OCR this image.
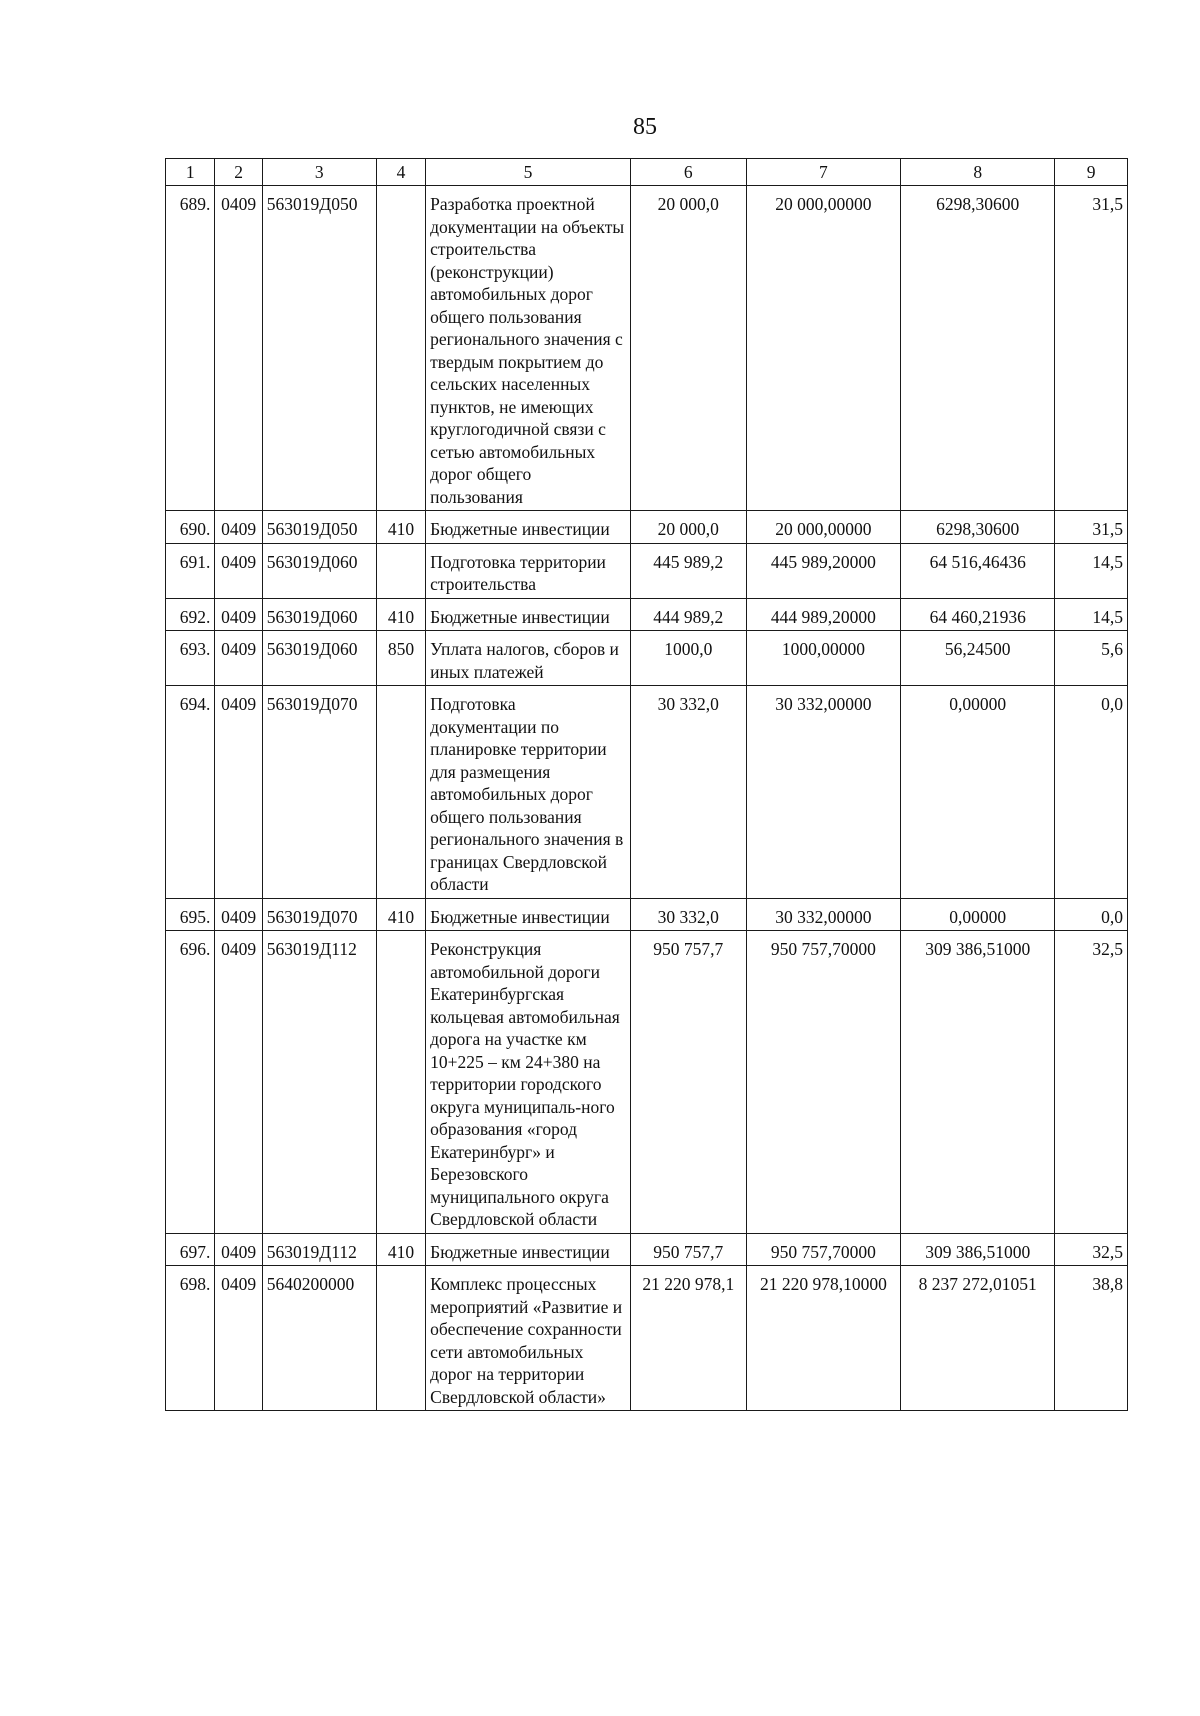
85
1	2	3	4	5	6	7	8	9
689.	0409	563019Д050		Разработка проектной документации на объекты строительства (реконструкции) автомобильных дорог общего пользования регионального значения с твердым покрытием до сельских населенных пунктов, не имеющих круглогодичной связи с сетью автомобильных дорог общего пользования	20 000,0	20 000,00000	6298,30600	31,5
690.	0409	563019Д050	410	Бюджетные инвестиции	20 000,0	20 000,00000	6298,30600	31,5
691.	0409	563019Д060		Подготовка территории строительства	445 989,2	445 989,20000	64 516,46436	14,5
692.	0409	563019Д060	410	Бюджетные инвестиции	444 989,2	444 989,20000	64 460,21936	14,5
693.	0409	563019Д060	850	Уплата налогов, сборов и иных платежей	1000,0	1000,00000	56,24500	5,6
694.	0409	563019Д070		Подготовка документации по планировке территории для размещения автомобильных дорог общего пользования регионального значения в границах Свердловской области	30 332,0	30 332,00000	0,00000	0,0
695.	0409	563019Д070	410	Бюджетные инвестиции	30 332,0	30 332,00000	0,00000	0,0
696.	0409	563019Д112		Реконструкция автомобильной дороги Екатеринбургская кольцевая автомобильная дорога на участке км 10+225 – км 24+380 на территории городского округа муниципаль-ного образования «город Екатеринбург» и Березовского муниципального округа Свердловской области	950 757,7	950 757,70000	309 386,51000	32,5
697.	0409	563019Д112	410	Бюджетные инвестиции	950 757,7	950 757,70000	309 386,51000	32,5
698.	0409	5640200000		Комплекс процессных мероприятий «Развитие и обеспечение сохранности сети автомобильных дорог на территории Свердловской области»	21 220 978,1	21 220 978,10000	8 237 272,01051	38,8
